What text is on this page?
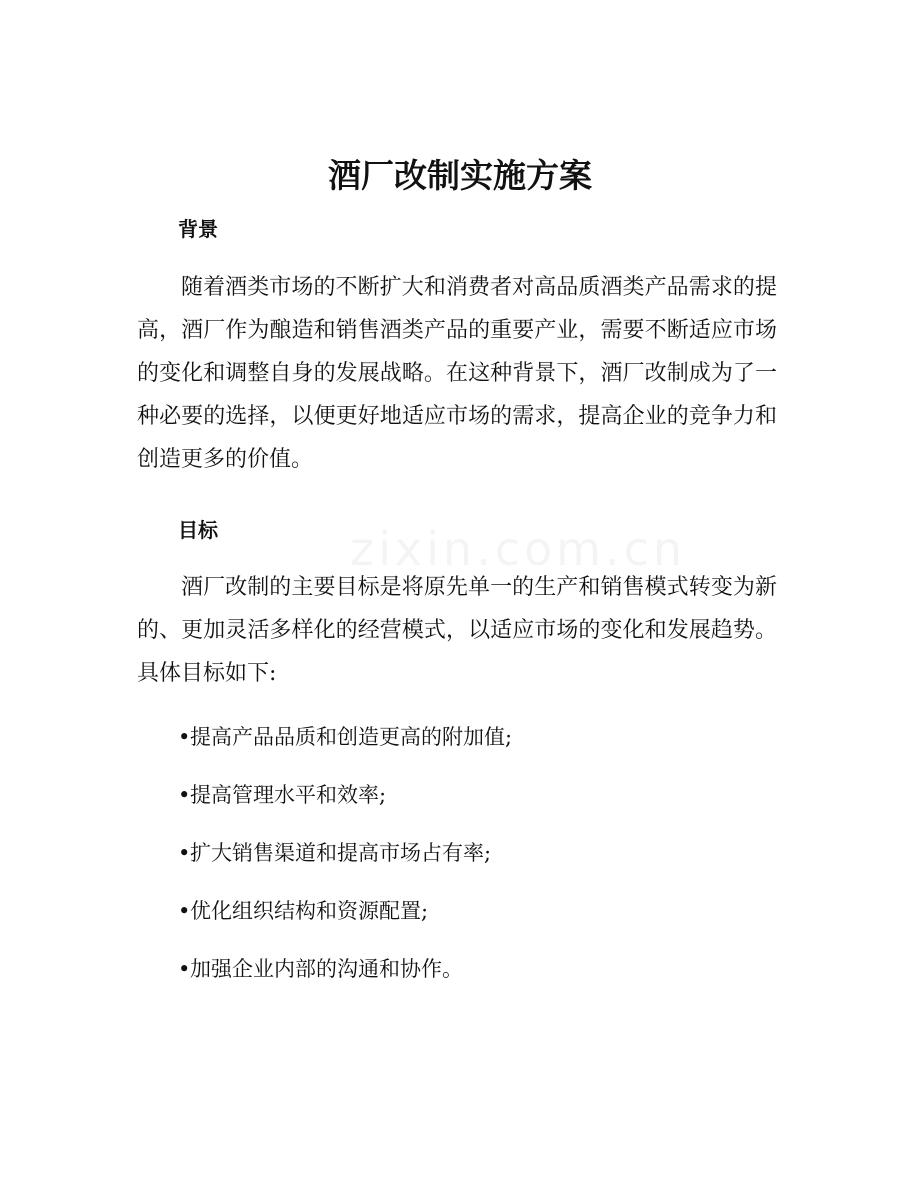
酒厂改制实施方案
背景

随着酒类市场的不断扩大和消费者对高品质酒类产品需求的提高，酒厂作为酿造和销售酒类产品的重要产业，需要不断适应市场的变化和调整自身的发展战略。在这种背景下，酒厂改制成为了一种必要的选择，以便更好地适应市场的需求，提高企业的竞争力和创造更多的价值。

目标

酒厂改制的主要目标是将原先单一的生产和销售模式转变为新的、更加灵活多样化的经营模式，以适应市场的变化和发展趋势。具体目标如下:

•提高产品品质和创造更高的附加值;
•提高管理水平和效率;
•扩大销售渠道和提高市场占有率;
•优化组织结构和资源配置;
•加强企业内部的沟通和协作。
